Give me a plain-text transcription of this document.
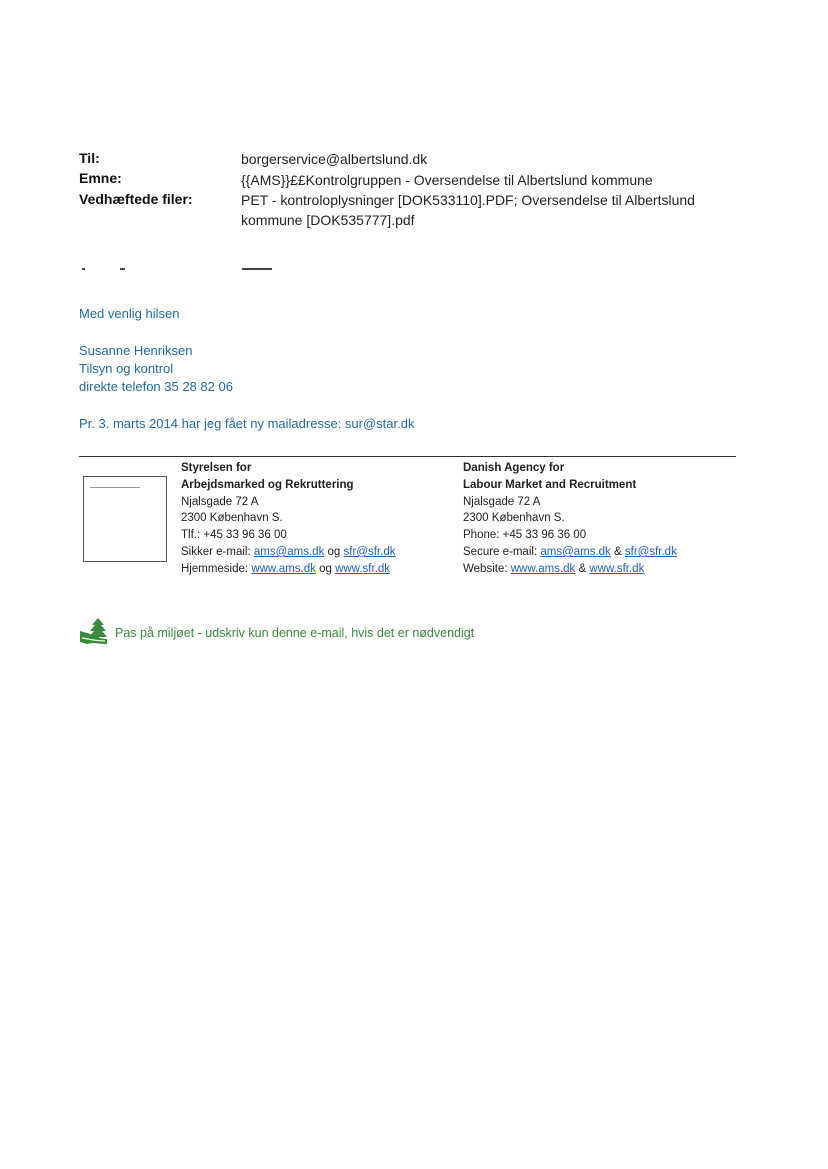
Til:	borgerservice@albertslund.dk
Emne:	{{AMS}}££Kontrolgruppen - Oversendelse til Albertslund kommune
Vedhæftede filer:	PET - kontroloplysninger [DOK533110].PDF; Oversendelse til Albertslund kommune [DOK535777].pdf
Med venlig hilsen
Susanne Henriksen
Tilsyn og kontrol
direkte telefon 35 28 82 06
Pr. 3. marts 2014 har jeg fået ny mailadresse: sur@star.dk
Styrelsen for
Arbejdsmarked og Rekruttering
Njalsgade 72 A
2300 København S.
Tlf.: +45 33 96 36 00
Sikker e-mail: ams@ams.dk og sfr@sfr.dk
Hjemmeside: www.ams.dk og www.sfr.dk
Danish Agency for
Labour Market and Recruitment
Njalsgade 72 A
2300 København S.
Phone: +45 33 96 36 00
Secure e-mail: ams@ams.dk & sfr@sfr.dk
Website: www.ams.dk & www.sfr.dk
Pas på miljøet - udskriv kun denne e-mail, hvis det er nødvendigt
